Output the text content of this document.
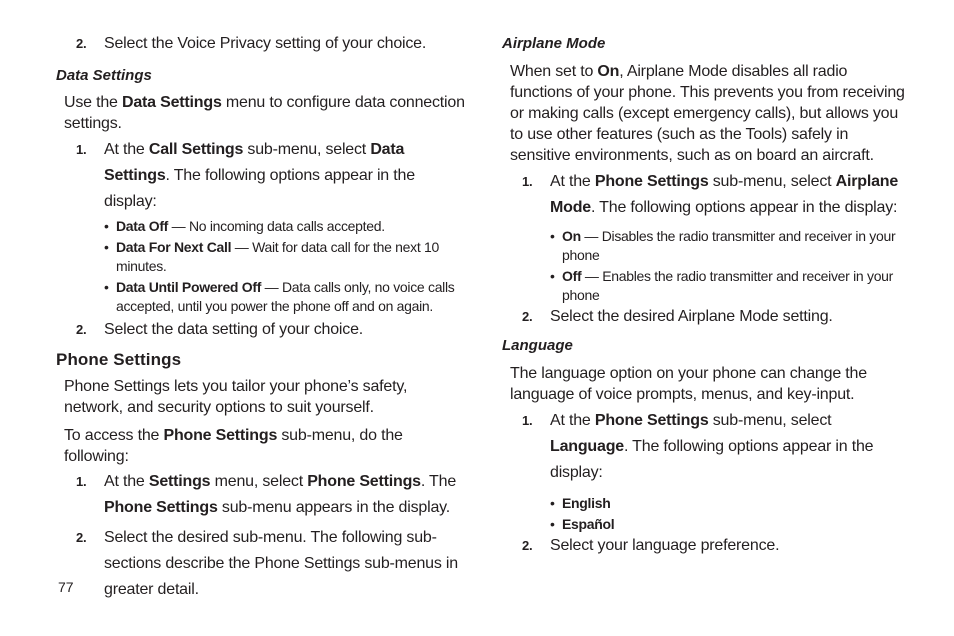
2. Select the Voice Privacy setting of your choice.

Data Settings

Use the Data Settings menu to configure data connection settings.

1. At the Call Settings sub-menu, select Data Settings. The following options appear in the display:
• Data Off — No incoming data calls accepted.
• Data For Next Call — Wait for data call for the next 10 minutes.
• Data Until Powered Off — Data calls only, no voice calls accepted, until you power the phone off and on again.
2. Select the data setting of your choice.

Phone Settings

Phone Settings lets you tailor your phone’s safety, network, and security options to suit yourself.

To access the Phone Settings sub-menu, do the following:

1. At the Settings menu, select Phone Settings. The Phone Settings sub-menu appears in the display.
2. Select the desired sub-menu. The following sub-sections describe the Phone Settings sub-menus in greater detail.

Airplane Mode

When set to On, Airplane Mode disables all radio functions of your phone. This prevents you from receiving or making calls (except emergency calls), but allows you to use other features (such as the Tools) safely in sensitive environments, such as on board an aircraft.

1. At the Phone Settings sub-menu, select Airplane Mode. The following options appear in the display:
• On — Disables the radio transmitter and receiver in your phone
• Off — Enables the radio transmitter and receiver in your phone
2. Select the desired Airplane Mode setting.

Language

The language option on your phone can change the language of voice prompts, menus, and key-input.

1. At the Phone Settings sub-menu, select Language. The following options appear in the display:
• English
• Español
2. Select your language preference.
77
